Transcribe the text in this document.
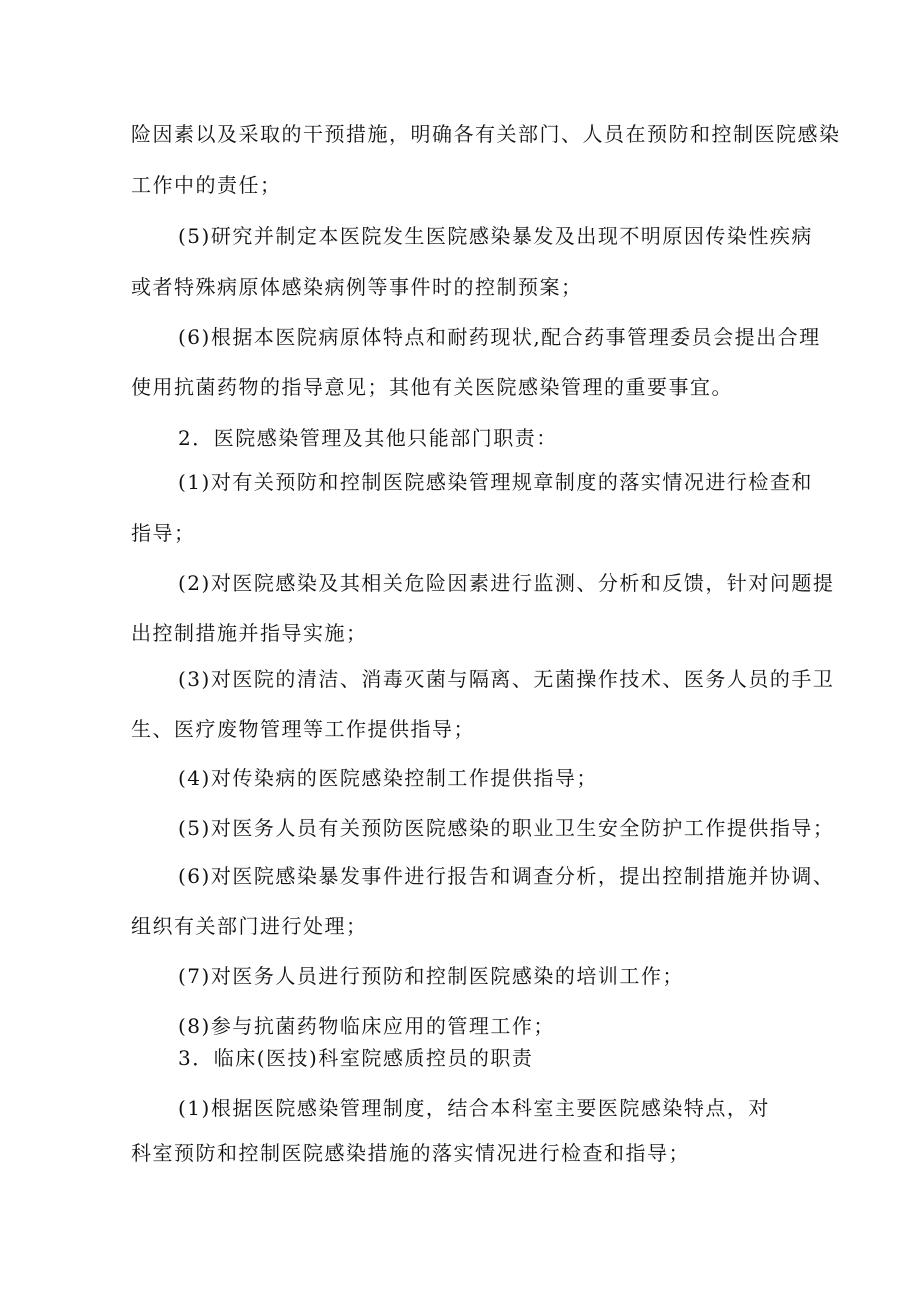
险因素以及采取的干预措施，明确各有关部门、人员在预防和控制医院感染
工作中的责任；
(5)研究并制定本医院发生医院感染暴发及出现不明原因传染性疾病
或者特殊病原体感染病例等事件时的控制预案；
(6)根据本医院病原体特点和耐药现状,配合药事管理委员会提出合理
使用抗菌药物的指导意见；其他有关医院感染管理的重要事宜。
2．医院感染管理及其他只能部门职责：
(1)对有关预防和控制医院感染管理规章制度的落实情况进行检查和
指导；
(2)对医院感染及其相关危险因素进行监测、分析和反馈，针对问题提
出控制措施并指导实施；
(3)对医院的清洁、消毒灭菌与隔离、无菌操作技术、医务人员的手卫
生、医疗废物管理等工作提供指导；
(4)对传染病的医院感染控制工作提供指导；
(5)对医务人员有关预防医院感染的职业卫生安全防护工作提供指导；
(6)对医院感染暴发事件进行报告和调查分析，提出控制措施并协调、
组织有关部门进行处理；
(7)对医务人员进行预防和控制医院感染的培训工作；
(8)参与抗菌药物临床应用的管理工作；
3．临床(医技)科室院感质控员的职责
(1)根据医院感染管理制度，结合本科室主要医院感染特点，对
科室预防和控制医院感染措施的落实情况进行检查和指导；
